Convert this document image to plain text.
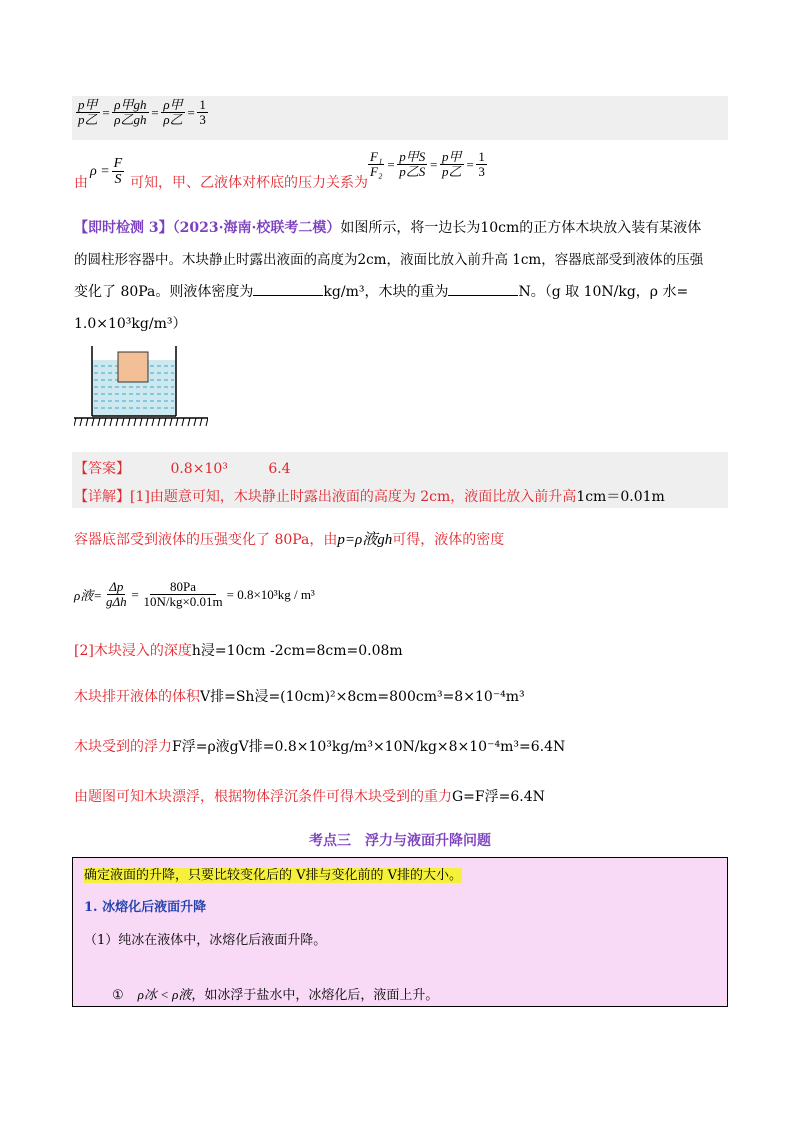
$\frac{\text{p甲}}{\text{p乙}} = \frac{\text{ρ甲gh}}{\text{ρ乙gh}} = \frac{\text{ρ甲}}{\text{ρ乙}} = \frac{1}{3}$
由
$\rho = \frac{F}{S}$ 可知，甲、乙液体对杯底的压力关系为
$\frac{\text{F₁}}{\text{F₂}} = \frac{\text{p甲S}}{\text{p乙S}} = \frac{\text{p甲}}{\text{p乙}} = \frac{1}{3}$
【即时检测 3】（2023·海南·校联考二模）如图所示，将一边长为10cm的正方体木块放入装有某液体
的圆柱形容器中。木块静止时露出液面的高度为2cm，液面比放入前升高 1cm，容器底部受到液体的压强
变化了 80Pa。则液体密度为	kg/m³，木块的重为	N。（g 取 10N/kg，ρ 水=
1.0×10³kg/m³）
【答案】	0.8×10³	6.4
【详解】[1]由题意可知，木块静止时露出液面的高度为 2cm，液面比放入前升高1cm＝0.01m
容器底部受到液体的压强变化了 80Pa，由p=ρ液gh可得，液体的密度
ρ液= $\frac{\Delta p}{\text{gΔh}} = \frac{80Pa}{10N/kg\times 0.01m} = 0.8\times 10^3kg / m^3$
[2]木块浸入的深度h浸=10cm -2cm=8cm=0.08m
木块排开液体的体积V排=Sh浸=(10cm)²×8cm=800cm³=8×10⁻⁴m³
木块受到的浮力F浮=ρ液gV排=0.8×10³kg/m³×10N/kg×8×10⁻⁴m³=6.4N
由题图可知木块漂浮，根据物体浮沉条件可得木块受到的重力G=F浮=6.4N
考点三　浮力与液面升降问题
确定液面的升降，只要比较变化后的 V排与变化前的 V排的大小。
1. 冰熔化后液面升降
（1）纯冰在液体中，冰熔化后液面升降。
① ρ冰 < ρ液，如冰浮于盐水中，冰熔化后，液面上升。
